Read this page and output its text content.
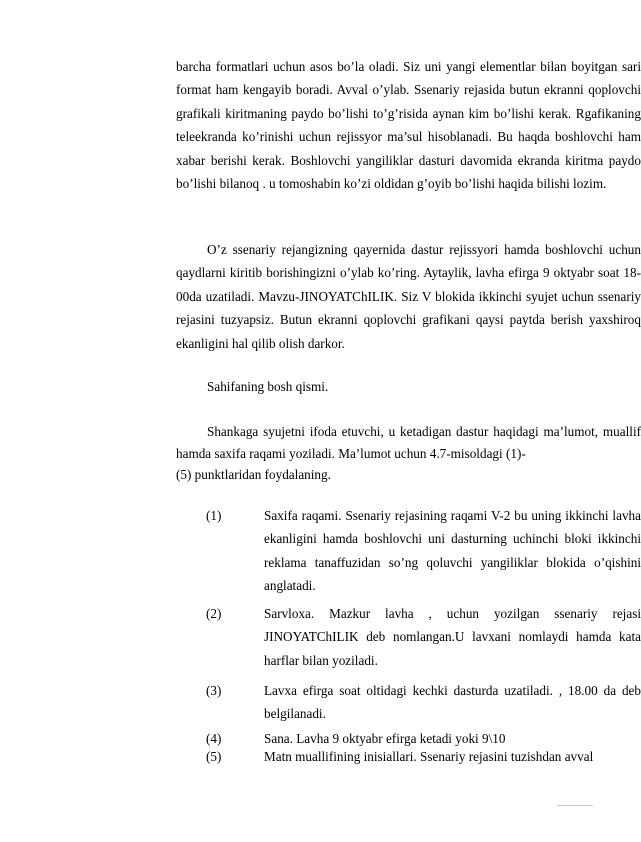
barcha formatlari uchun asos bo’la oladi. Siz uni yangi elementlar bilan boyitgan sari format ham kengayib boradi. Avval o’ylab. Ssenariy rejasida butun ekranni qoplovchi grafikali kiritmaning paydo bo’lishi to’g’risida aynan kim bo’lishi kerak. Rgafikaning teleekranda ko’rinishi uchun rejissyor ma’sul hisoblanadi. Bu haqda boshlovchi ham xabar berishi kerak. Boshlovchi yangiliklar dasturi davomida ekranda kiritma paydo bo’lishi bilanoq . u tomoshabin ko’zi oldidan g’oyib bo’lishi haqida bilishi lozim.

O’z ssenariy rejangizning qayernida dastur rejissyori hamda boshlovchi uchun qaydlarni kiritib borishingizni o’ylab ko’ring. Aytaylik, lavha efirga 9 oktyabr soat 18-00da uzatiladi. Mavzu-JINOYATChILIK. Siz V blokida ikkinchi syujet uchun ssenariy rejasini tuzyapsiz. Butun ekranni qoplovchi grafikani qaysi paytda berish yaxshiroq ekanligini hal qilib olish darkor.

Sahifaning bosh qismi.

Shankaga syujetni ifoda etuvchi, u ketadigan dastur haqidagi ma’lumot, muallif hamda saxifa raqami yoziladi. Ma’lumot uchun 4.7-misoldagi (1)-

(5) punktlaridan foydalaning.

(1)	Saxifa raqami. Ssenariy rejasining raqami V-2 bu uning ikkinchi lavha ekanligini hamda boshlovchi uni dasturning uchinchi bloki ikkinchi reklama tanaffuzidan so’ng qoluvchi yangiliklar blokida o’qishini anglatadi.
(2)	Sarvloxa. Mazkur lavha , uchun yozilgan ssenariy rejasi JINOYATChILIK deb nomlangan.U lavxani nomlaydi hamda kata harflar bilan yoziladi.
(3)	Lavxa efirga soat oltidagi kechki dasturda uzatiladi. , 18.00 da deb belgilanadi.
(4)	Sana. Lavha 9 oktyabr efirga ketadi yoki 9\10
(5)	Matn muallifining inisiallari. Ssenariy rejasini tuzishdan avval
